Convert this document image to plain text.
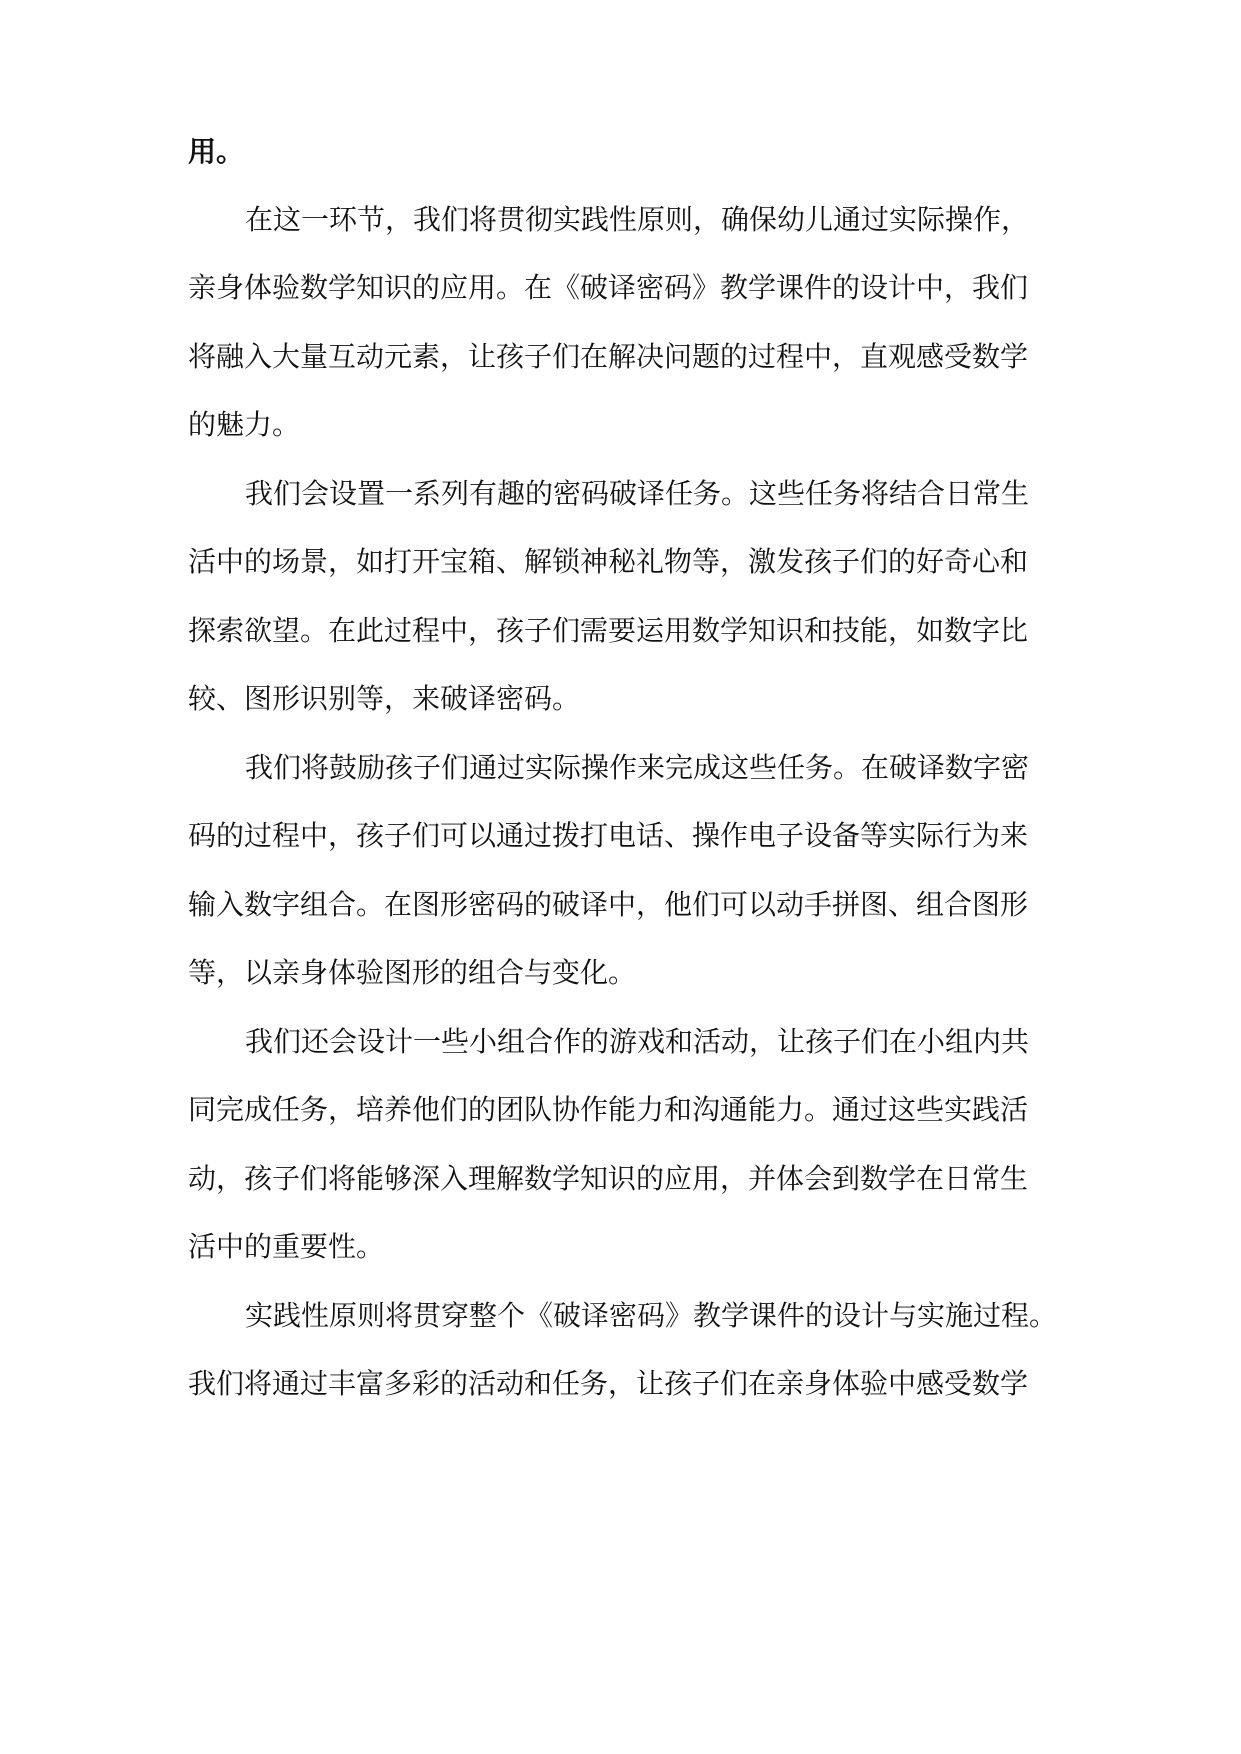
用。

在这一环节，我们将贯彻实践性原则，确保幼儿通过实际操作，

亲身体验数学知识的应用。在《破译密码》教学课件的设计中，我们

将融入大量互动元素，让孩子们在解决问题的过程中，直观感受数学

的魅力。

我们会设置一系列有趣的密码破译任务。这些任务将结合日常生

活中的场景，如打开宝箱、解锁神秘礼物等，激发孩子们的好奇心和

探索欲望。在此过程中，孩子们需要运用数学知识和技能，如数字比

较、图形识别等，来破译密码。

我们将鼓励孩子们通过实际操作来完成这些任务。在破译数字密

码的过程中，孩子们可以通过拨打电话、操作电子设备等实际行为来

输入数字组合。在图形密码的破译中，他们可以动手拼图、组合图形

等，以亲身体验图形的组合与变化。

我们还会设计一些小组合作的游戏和活动，让孩子们在小组内共

同完成任务，培养他们的团队协作能力和沟通能力。通过这些实践活

动，孩子们将能够深入理解数学知识的应用，并体会到数学在日常生

活中的重要性。

实践性原则将贯穿整个《破译密码》教学课件的设计与实施过程。

我们将通过丰富多彩的活动和任务，让孩子们在亲身体验中感受数学
